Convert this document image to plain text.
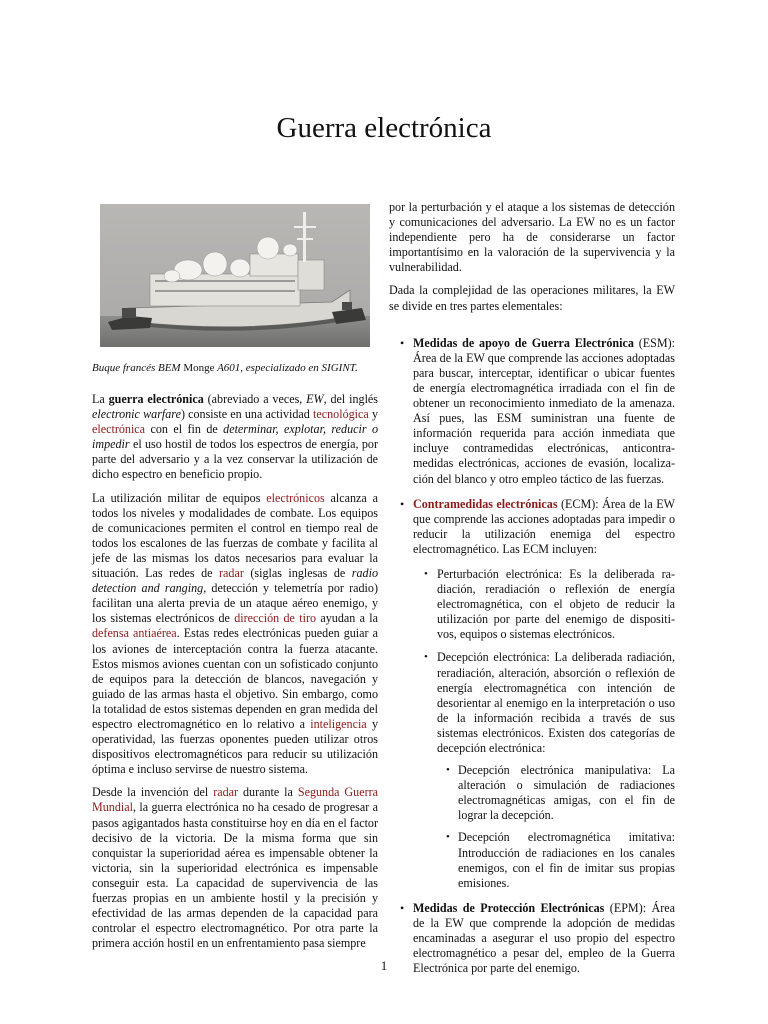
Guerra electrónica
Buque francés BEM Monge A601, especializado en SIGINT.

La guerra electrónica (abreviado a veces, EW, del inglés electronic warfare) consiste en una actividad tecnológica y electrónica con el fin de determinar, explotar, reducir o impedir el uso hostil de todos los espectros de energía, por parte del adversario y a la vez conservar la utilización de dicho espectro en beneficio propio.

La utilización militar de equipos electrónicos alcanza a todos los niveles y modalidades de combate. Los equipos de comunicaciones permiten el control en tiempo real de todos los escalones de las fuerzas de combate y facilita al jefe de las mismas los datos necesarios para evaluar la situación. Las redes de radar (siglas inglesas de radio detection and ranging, detección y telemetría por radio) facilitan una alerta previa de un ataque aéreo enemigo, y los sistemas electrónicos de dirección de tiro ayudan a la defensa antiaérea. Estas redes electrónicas pueden guiar a los aviones de interceptación contra la fuerza atacante. Estos mismos aviones cuentan con un sofisticado conjunto de equipos para la detección de blancos, navegación y guiado de las armas hasta el objetivo. Sin embargo, como la totalidad de estos sistemas dependen en gran medida del espectro electromagnético en lo relativo a inteligencia y operatividad, las fuerzas oponentes pueden utilizar otros dispositivos electromagnéticos para reducir su utilización óptima e incluso servirse de nuestro sistema.

Desde la invención del radar durante la Segunda Guerra Mundial, la guerra electrónica no ha cesado de progresar a pasos agigantados hasta constituirse hoy en día en el factor decisivo de la victoria. De la misma forma que sin conquistar la superioridad aérea es impensable obtener la victoria, sin la superioridad electrónica es impensable conseguir esta. La capacidad de supervivencia de las fuerzas propias en un ambiente hostil y la precisión y efectividad de las armas dependen de la capacidad para controlar el espectro electromagnético. Por otra parte la primera acción hostil en un enfrentamiento pasa siempre

por la perturbación y el ataque a los sistemas de detección y comunicaciones del adversario. La EW no es un factor independiente pero ha de considerarse un factor importantísimo en la valoración de la supervivencia y la vulnerabilidad.

Dada la complejidad de las operaciones militares, la EW se divide en tres partes elementales:

• Medidas de apoyo de Guerra Electrónica (ESM): Área de la EW que comprende las acciones adoptadas para buscar, interceptar, identificar o ubicar fuentes de energía electromagnética irradiada con el fin de obtener un reconocimiento inmediato de la amenaza. Así pues, las ESM suministran una fuente de información requerida para acción inmediata que incluye contramedidas electrónicas, anticontramedidas electrónicas, acciones de evasión, localización del blanco y otro empleo táctico de las fuerzas.
• Contramedidas electrónicas (ECM): Área de la EW que comprende las acciones adoptadas para impedir o reducir la utilización enemiga del espectro electromagnético. Las ECM incluyen:
• Perturbación electrónica: Es la deliberada radiación, reradiación o reflexión de energía electromagnética, con el objeto de reducir la utilización por parte del enemigo de dispositivos, equipos o sistemas electrónicos.
• Decepción electrónica: La deliberada radiación, reradiación, alteración, absorción o reflexión de energía electromagnética con intención de desorientar al enemigo en la interpretación o uso de la información recibida a través de sus sistemas electrónicos. Existen dos categorías de decepción electrónica:
• Decepción electrónica manipulativa: La alteración o simulación de radiaciones electromagnéticas amigas, con el fin de lograr la decepción.
• Decepción electromagnética imitativa: Introducción de radiaciones en los canales enemigos, con el fin de imitar sus propias emisiones.
• Medidas de Protección Electrónicas (EPM): Área de la EW que comprende la adopción de medidas encaminadas a asegurar el uso propio del espectro electromagnético a pesar del, empleo de la Guerra Electrónica por parte del enemigo.
1
